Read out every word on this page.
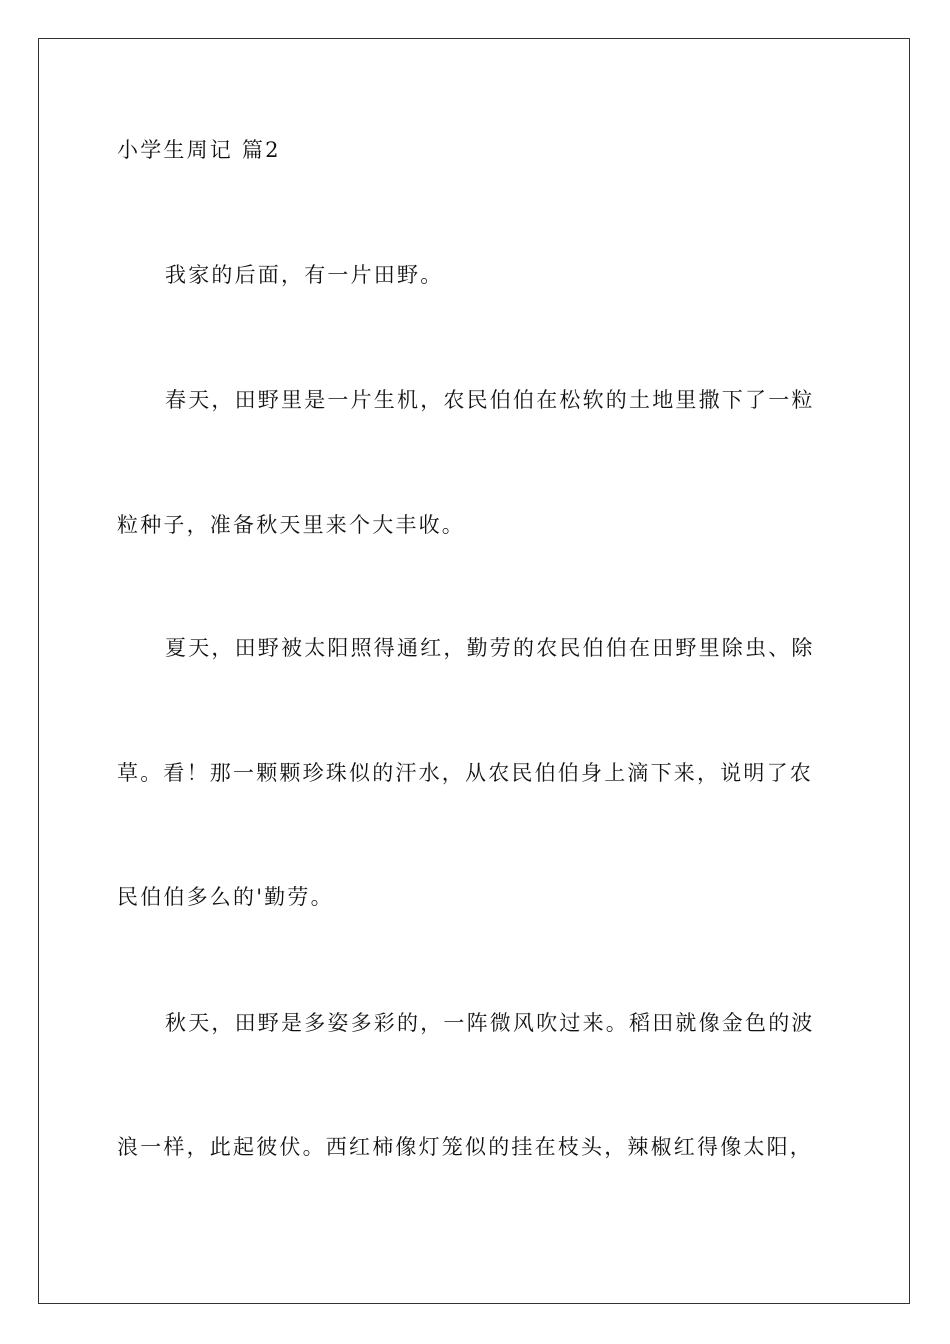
小学生周记 篇2
我家的后面，有一片田野。
春天，田野里是一片生机，农民伯伯在松软的土地里撒下了一粒
粒种子，准备秋天里来个大丰收。
夏天，田野被太阳照得通红，勤劳的农民伯伯在田野里除虫、除
草。看！那一颗颗珍珠似的汗水，从农民伯伯身上滴下来，说明了农
民伯伯多么的'勤劳。
秋天，田野是多姿多彩的，一阵微风吹过来。稻田就像金色的波
浪一样，此起彼伏。西红柿像灯笼似的挂在枝头，辣椒红得像太阳，
